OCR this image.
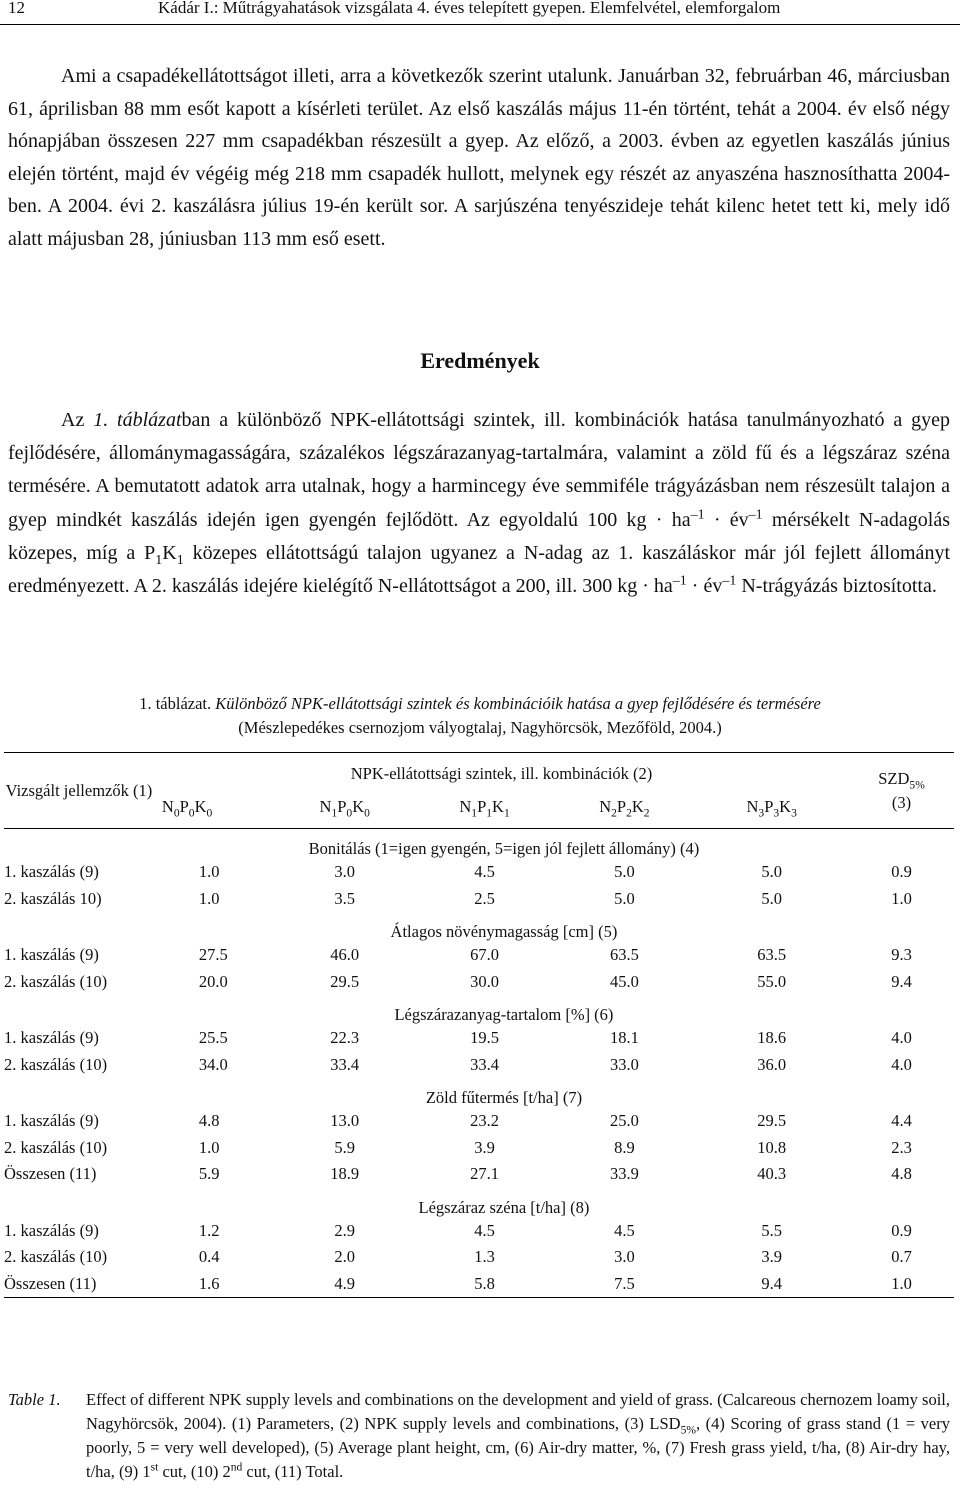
12	Kádár I.: Műtrágyahatások vizsgálata 4. éves telepített gyepen. Elemfelvétel, elemforgalom

Ami a csapadékellátottságot illeti, arra a következők szerint utalunk. Januárban 32, februárban 46, márciusban 61, áprilisban 88 mm esőt kapott a kísérleti terület. Az első kaszálás május 11-én történt, tehát a 2004. év első négy hónapjában összesen 227 mm csapadékban részesült a gyep. Az előző, a 2003. évben az egyetlen kaszálás június elején történt, majd év végéig még 218 mm csapadék hullott, melynek egy részét az anyaszéna hasznosíthatta 2004-ben. A 2004. évi 2. kaszálásra július 19-én került sor. A sarjúszéna tenyészideje tehát kilenc hetet tett ki, mely idő alatt májusban 28, júniusban 113 mm eső esett.

Eredmények

Az 1. táblázatban a különböző NPK-ellátottsági szintek, ill. kombinációk hatása tanulmányozható a gyep fejlődésére, állománymagasságára, százalékos légszárazanyag-tartalmára, valamint a zöld fű és a légszáraz széna termésére. A bemutatott adatok arra utalnak, hogy a harmincegy éve semmiféle trágyázásban nem részesült talajon a gyep mindkét kaszálás idején igen gyengén fejlődött. Az egyoldalú 100 kg · $ha^{-1}$ · $év^{-1}$ mérsékelt N-adagolás közepes, míg a $P_1K_1$ közepes ellátottságú talajon ugyanez a N-adag az 1. kaszáláskor már jól fejlett állományt eredményezett. A 2. kaszálás idejére kielégítő N-ellátottságot a 200, ill. 300 kg · $ha^{-1}$ · $év^{-1}$ N-trágyázás biztosította.

1. táblázat. Különböző NPK-ellátottsági szintek és kombinációik hatása a gyep fejlődésére és termésére
(Mészlepedékes csernozjom vályogtalaj, Nagyhörcsök, Mezőföld, 2004.)
Vizsgált jellemzők (1)	NPK-ellátottsági szintek, ill. kombinációk (2)					$SZD_{5\%}$
(3)
	$N_0P_0K_0$	$N_1P_0K_0$	$N_1P_1K_1$	$N_2P_2K_2$	$N_3P_3K_3$
	Bonitálás (1=igen gyengén, 5=igen jól fejlett állomány) (4)					
1. kaszálás (9)	1.0	3.0	4.5	5.0	5.0	0.9
2. kaszálás 10)	1.0	3.5	2.5	5.0	5.0	1.0
	Átlagos növénymagasság [cm] (5)					
1. kaszálás (9)	27.5	46.0	67.0	63.5	63.5	9.3
2. kaszálás (10)	20.0	29.5	30.0	45.0	55.0	9.4
	Légszárazanyag-tartalom [%] (6)					
1. kaszálás (9)	25.5	22.3	19.5	18.1	18.6	4.0
2. kaszálás (10)	34.0	33.4	33.4	33.0	36.0	4.0
	Zöld fűtermés [t/ha] (7)					
1. kaszálás (9)	4.8	13.0	23.2	25.0	29.5	4.4
2. kaszálás (10)	1.0	5.9	3.9	8.9	10.8	2.3
Összesen (11)	5.9	18.9	27.1	33.9	40.3	4.8
	Légszáraz széna [t/ha] (8)					
1. kaszálás (9)	1.2	2.9	4.5	4.5	5.5	0.9
2. kaszálás (10)	0.4	2.0	1.3	3.0	3.9	0.7
Összesen (11)	1.6	4.9	5.8	7.5	9.4	1.0
Table 1.	Effect of different NPK supply levels and combinations on the development and yield of grass. (Calcareous chernozem loamy soil, Nagyhörcsök, 2004). (1) Parameters, (2) NPK supply levels and combinations, (3) $LSD_{5\%}$, (4) Scoring of grass stand (1 = very poorly, 5 = very well developed), (5) Average plant height, cm, (6) Air-dry matter, %, (7) Fresh grass yield, t/ha, (8) Air-dry hay, t/ha, (9) 1st cut, (10) 2nd cut, (11) Total.
